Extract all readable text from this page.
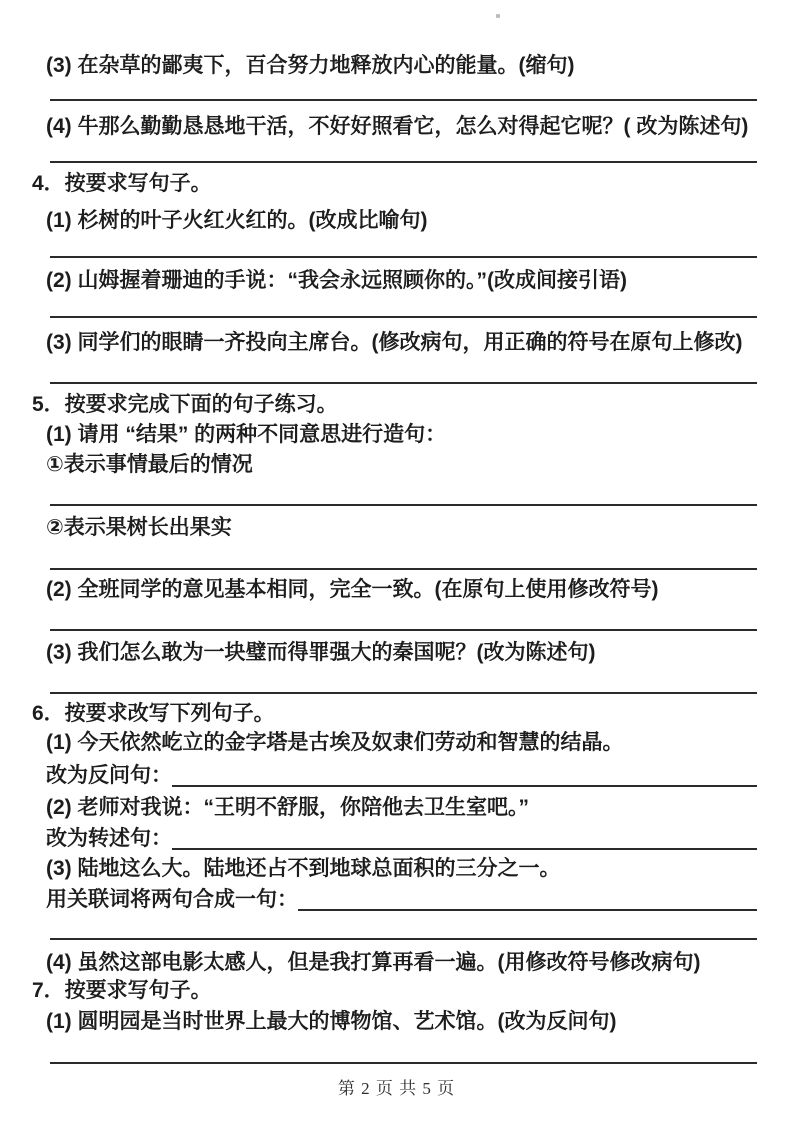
(3) 在杂草的鄙夷下，百合努力地释放内心的能量。(缩句)
(4) 牛那么勤勤恳恳地干活，不好好照看它，怎么对得起它呢？( 改为陈述句)
4．按要求写句子。
(1) 杉树的叶子火红火红的。(改成比喻句)
(2) 山姆握着珊迪的手说：“我会永远照顾你的。”(改成间接引语)
(3) 同学们的眼睛一齐投向主席台。(修改病句，用正确的符号在原句上修改)
5．按要求完成下面的句子练习。
(1) 请用 “结果” 的两种不同意思进行造句：
①表示事情最后的情况
②表示果树长出果实
(2) 全班同学的意见基本相同，完全一致。(在原句上使用修改符号)
(3) 我们怎么敢为一块璧而得罪强大的秦国呢？(改为陈述句)
6．按要求改写下列句子。
(1) 今天依然屹立的金字塔是古埃及奴隶们劳动和智慧的结晶。
改为反问句：
(2) 老师对我说：“王明不舒服，你陪他去卫生室吧。”
改为转述句：
(3) 陆地这么大。陆地还占不到地球总面积的三分之一。
用关联词将两句合成一句：
(4) 虽然这部电影太感人，但是我打算再看一遍。(用修改符号修改病句)
7．按要求写句子。
(1) 圆明园是当时世界上最大的博物馆、艺术馆。(改为反问句)
第 2 页 共 5 页
